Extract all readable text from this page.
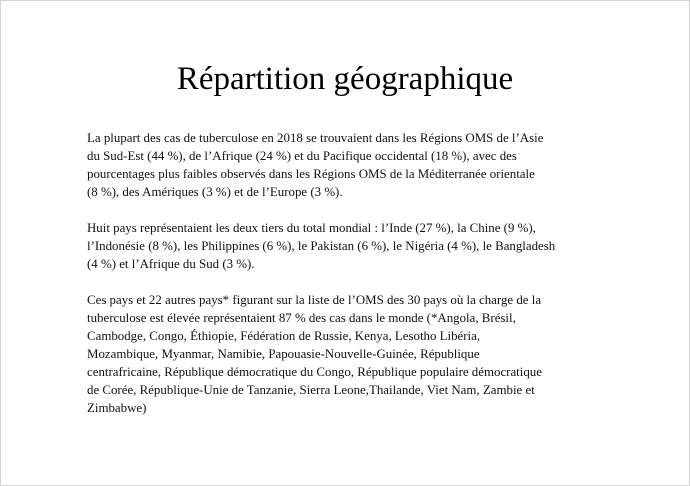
Répartition géographique

La plupart des cas de tuberculose en 2018 se trouvaient dans les Régions OMS de l’Asie
du Sud-Est (44 %), de l’Afrique (24 %) et du Pacifique occidental (18 %), avec des
pourcentages plus faibles observés dans les Régions OMS de la Méditerranée orientale
(8 %), des Amériques (3 %) et de l’Europe (3 %).

Huit pays représentaient les deux tiers du total mondial : l’Inde (27 %), la Chine (9 %),
l’Indonésie (8 %), les Philippines (6 %), le Pakistan (6 %), le Nigéria (4 %), le Bangladesh
(4 %) et l’Afrique du Sud (3 %).

Ces pays et 22 autres pays* figurant sur la liste de l’OMS des 30 pays où la charge de la
tuberculose est élevée représentaient 87 % des cas dans le monde (*Angola, Brésil,
Cambodge, Congo, Éthiopie, Fédération de Russie, Kenya, Lesotho Libéria,
Mozambique, Myanmar, Namibie, Papouasie-Nouvelle-Guinée, République
centrafricaine, République démocratique du Congo, République populaire démocratique
de Corée, République-Unie de Tanzanie, Sierra Leone,Thailande, Viet Nam, Zambie et
Zimbabwe)
